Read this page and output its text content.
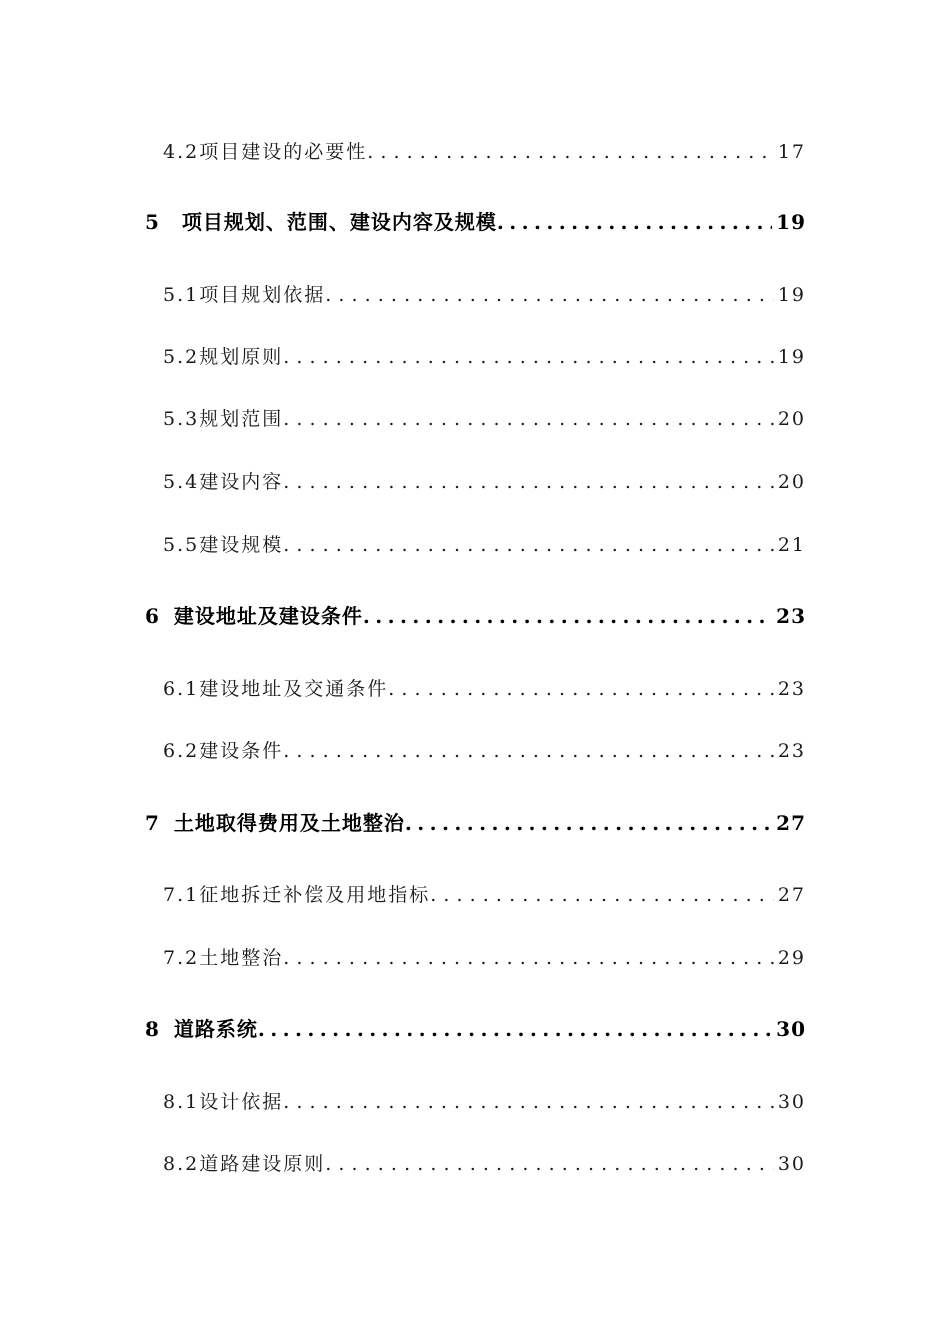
4.2项目建设的必要性 .....	17
5 项目规划、范围、建设内容及规模 .....	19
5.1项目规划依据 .....	19
5.2规划原则 .....	19
5.3规划范围 .....	20
5.4建设内容 .....	20
5.5建设规模 .....	21
6 建设地址及建设条件 .....	23
6.1建设地址及交通条件 .....	23
6.2建设条件 .....	23
7 土地取得费用及土地整治 .....	27
7.1征地拆迁补偿及用地指标 .....	27
7.2土地整治 .....	29
8 道路系统 .....	30
8.1设计依据 .....	30
8.2道路建设原则 .....	30
